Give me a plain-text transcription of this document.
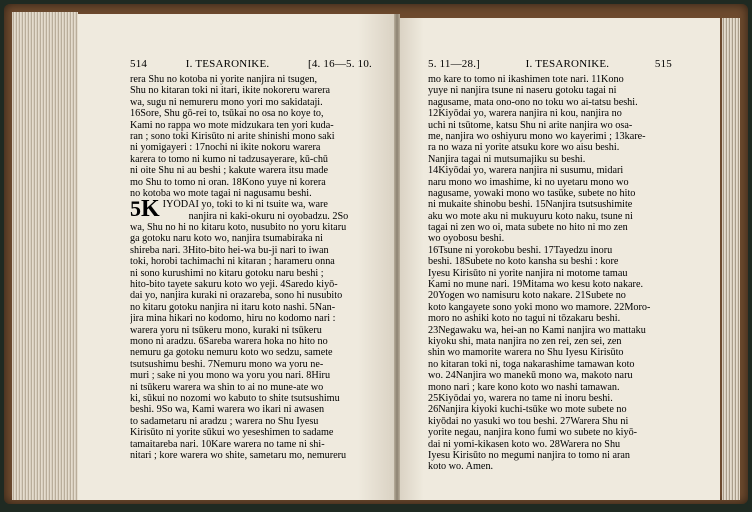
514	I. TESARONIKE.	[4. 16—5. 10.	5. 11—28.]	I. TESARONIKE.	515
rera Shu no kotoba ni yorite nanjira ni tsugen,
Shu no kitaran toki ni itari, ikite nokoreru warera
wa, sugu ni nemureru mono yori mo sakidataji.
16Sore, Shu gō-rei to, tsūkai no osa no koye to,
Kami no rappa wo mote midzukara ten yori kuda-
ran ; sono toki Kirisūto ni arite shinishi mono saki
ni yomigayeri : 17nochi ni ikite nokoru warera
karera to tomo ni kumo ni tadzusayerare, kū-chū
ni oite Shu ni au beshi ; kakute warera itsu made
mo Shu to tomo ni oran. 18Kono yuye ni korera
no kotoba wo mote tagai ni nagusamu beshi.
5K IYŌDAI yo, toki to ki ni tsuite wa, ware
nanjira ni kaki-okuru ni oyobadzu. 2So
wa, Shu no hi no kitaru koto, nusubito no yoru kitaru
ga gotoku naru koto wo, nanjira tsumabiraka ni
shireba nari. 3Hito-bito hei-wa bu-ji nari to iwan
toki, horobi tachimachi ni kitaran ; harameru onna
ni sono kurushimi no kitaru gotoku naru beshi ;
hito-bito tayete sakuru koto wo yeji. 4Saredo kiyō-
dai yo, nanjira kuraki ni orazareba, sono hi nusubito
no kitaru gotoku nanjira ni itaru koto nashi. 5Nan-
jira mina hikari no kodomo, hiru no kodomo nari :
warera yoru ni tsūkeru mono, kuraki ni tsūkeru
mono ni aradzu. 6Sareba warera hoka no hito no
nemuru ga gotoku nemuru koto wo sedzu, samete
tsutsushimu beshi. 7Nemuru mono wa yoru ne-
muri ; sake ni you mono wa yoru you nari. 8Hiru
ni tsūkeru warera wa shin to ai no mune-ate wo
ki, sūkui no nozomi wo kabuto to shite tsutsushimu
beshi. 9So wa, Kami warera wo ikari ni awasen
to sadametaru ni aradzu ; warera no Shu Iyesu
Kirisūto ni yorite sūkui wo yeseshimen to sadame
tamaitareba nari. 10Kare warera no tame ni shi-
nitari ; kore warera wo shite, sametaru mo, nemureru
mo kare to tomo ni ikashimen tote nari. 11Kono
yuye ni nanjira tsune ni naseru gotoku tagai ni
nagusame, mata ono-ono no toku wo ai-tatsu beshi.
12Kiyōdai yo, warera nanjira ni kou, nanjira no
uchi ni tsūtome, katsu Shu ni arite nanjira wo osa-
me, nanjira wo oshiyuru mono wo kayerimi ; 13kare-
ra no waza ni yorite atsuku kore wo aisu beshi.
Nanjira tagai ni mutsumajiku su beshi.
14Kiyōdai yo, warera nanjira ni susumu, midari
naru mono wo imashime, ki no uyetaru mono wo
nagusame, yowaki mono wo tasūke, subete no hito
ni mukaite shinobu beshi. 15Nanjira tsutsushimite
aku wo mote aku ni mukuyuru koto naku, tsune ni
tagai ni zen wo oi, mata subete no hito ni mo zen
wo oyobosu beshi.
16Tsune ni yorokobu beshi. 17Tayedzu inoru
beshi. 18Subete no koto kansha su beshi : kore
Iyesu Kirisūto ni yorite nanjira ni motome tamau
Kami no mune nari. 19Mitama wo kesu koto nakare.
20Yogen wo namisuru koto nakare. 21Subete no
koto kangayete sono yoki mono wo mamore. 22Moro-
moro no ashiki koto no tagui ni tōzakaru beshi.
23Negawaku wa, hei-an no Kami nanjira wo mattaku
kiyoku shi, mata nanjira no zen rei, zen sei, zen
shin wo mamorite warera no Shu Iyesu Kirisūto
no kitaran toki ni, toga nakarashime tamawan koto
wo. 24Nanjira wo manekū mono wa, makoto naru
mono nari ; kare kono koto wo nashi tamawan.
25Kiyōdai yo, warera no tame ni inoru beshi.
26Nanjira kiyoki kuchi-tsūke wo mote subete no
kiyōdai no yasuki wo tou beshi. 27Warera Shu ni
yorite negau, nanjira kono fumi wo subete no kiyō-
dai ni yomi-kikasen koto wo. 28Warera no Shu
Iyesu Kirisūto no megumi nanjira to tomo ni aran
koto wo. Amen.
